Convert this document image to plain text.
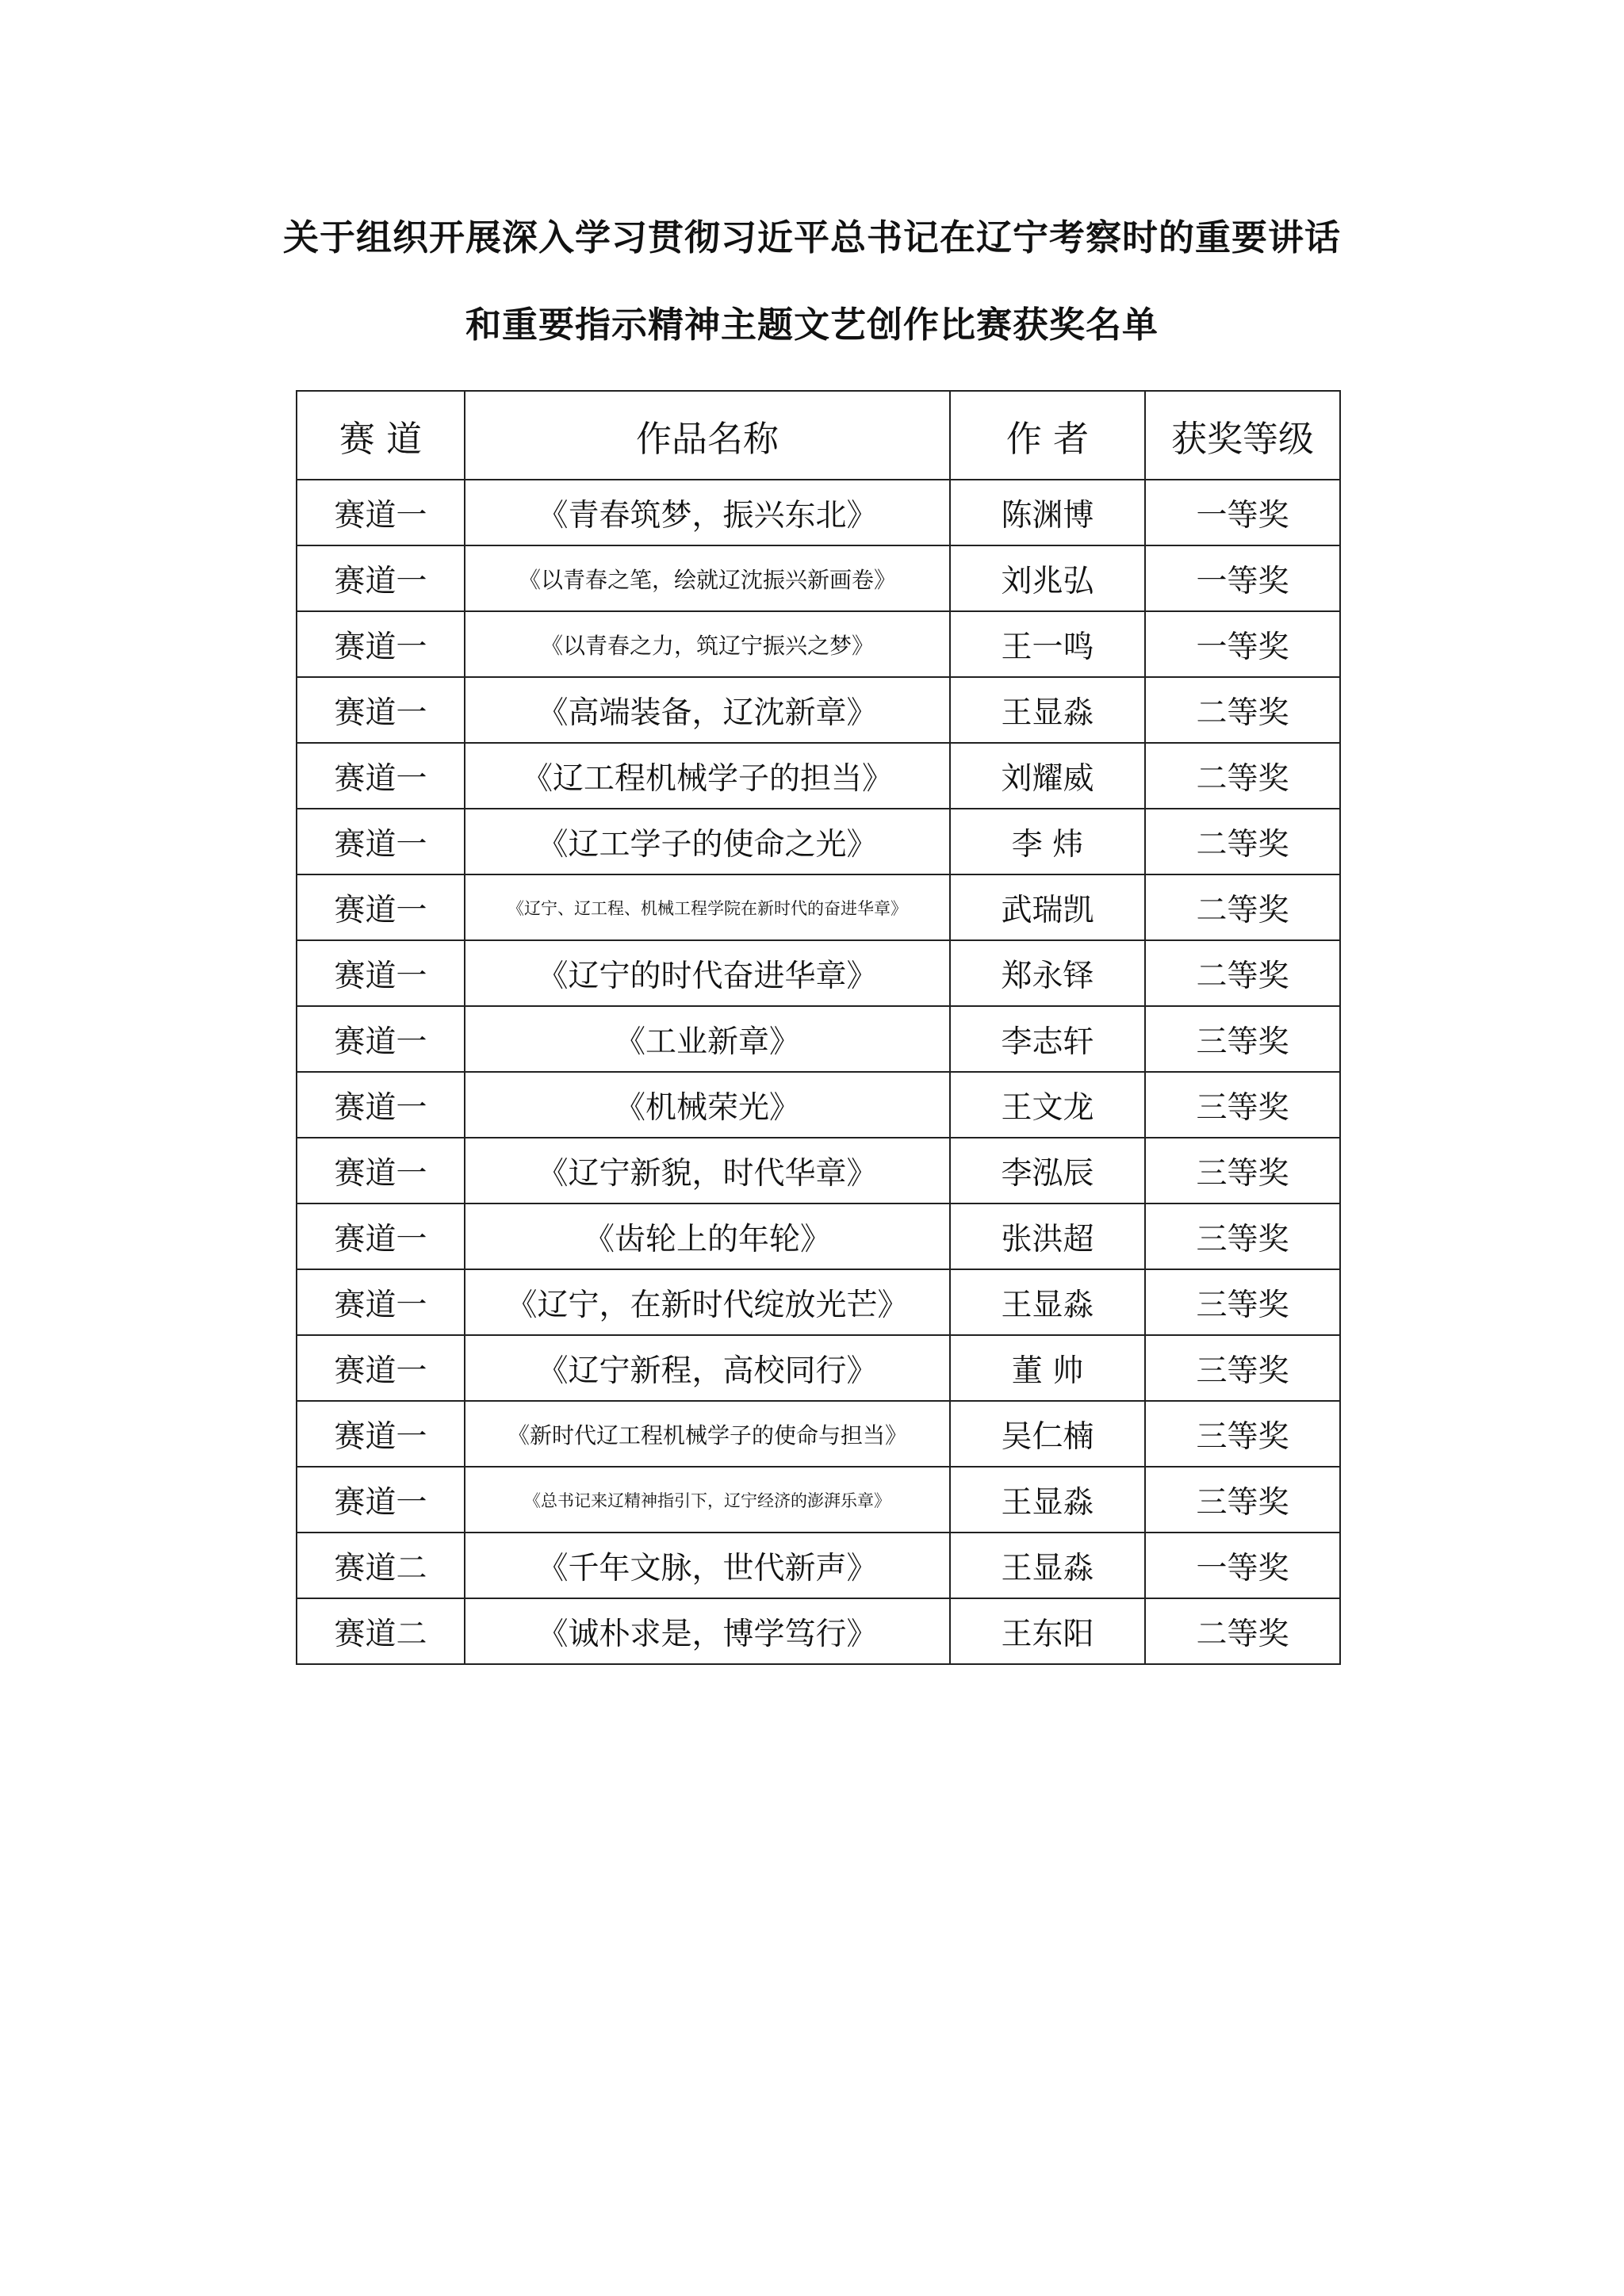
关于组织开展深入学习贯彻习近平总书记在辽宁考察时的重要讲话
和重要指示精神主题文艺创作比赛获奖名单
赛 道	作品名称	作 者	获奖等级
赛道一	《青春筑梦，振兴东北》	陈渊博	一等奖
赛道一	《以青春之笔，绘就辽沈振兴新画卷》	刘兆弘	一等奖
赛道一	《以青春之力，筑辽宁振兴之梦》	王一鸣	一等奖
赛道一	《高端装备，辽沈新章》	王显淼	二等奖
赛道一	《辽工程机械学子的担当》	刘耀威	二等奖
赛道一	《辽工学子的使命之光》	李 炜	二等奖
赛道一	《辽宁、辽工程、机械工程学院在新时代的奋进华章》	武瑞凯	二等奖
赛道一	《辽宁的时代奋进华章》	郑永铎	二等奖
赛道一	《工业新章》	李志轩	三等奖
赛道一	《机械荣光》	王文龙	三等奖
赛道一	《辽宁新貌，时代华章》	李泓辰	三等奖
赛道一	《齿轮上的年轮》	张洪超	三等奖
赛道一	《辽宁，在新时代绽放光芒》	王显淼	三等奖
赛道一	《辽宁新程，高校同行》	董 帅	三等奖
赛道一	《新时代辽工程机械学子的使命与担当》	吴仁楠	三等奖
赛道一	《总书记来辽精神指引下，辽宁经济的澎湃乐章》	王显淼	三等奖
赛道二	《千年文脉，世代新声》	王显淼	一等奖
赛道二	《诚朴求是，博学笃行》	王东阳	二等奖
